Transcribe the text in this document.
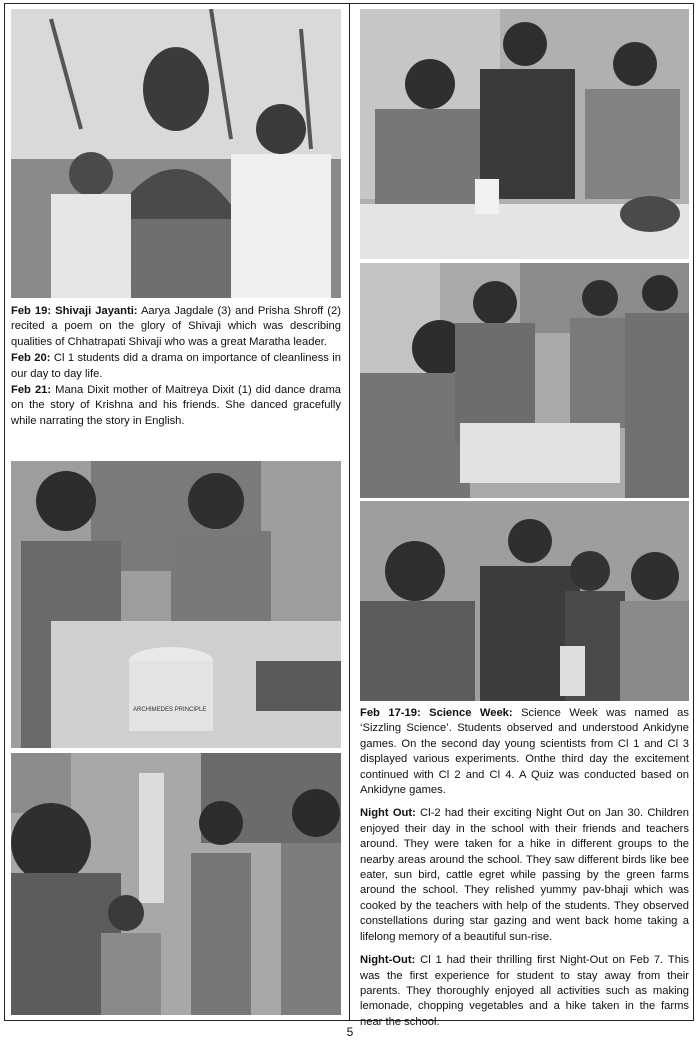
•

Feb 19: Shivaji Jayanti: Aarya Jagdale (3) and Prisha Shroff (2) recited a poem on the glory of Shivaji which was describing qualities of Chhatrapati Shivaji who was a great Maratha leader.

Feb 20: Cl 1 students did a drama on importance of cleanliness in our day to day life.

Feb 21: Mana Dixit mother of Maitreya Dixit (1) did dance drama on the story of Krishna and his friends. She danced gracefully while narrating the story in English.

ARCHIMEDES PRINCIPLE	Feb 17-19: Science Week: Science Week was named as ‘Sizzling Science’. Students observed and understood Ankidyne games. On the second day young scientists from Cl 1 and Cl 3 displayed various experiments. Onthe third day the excitement continued with Cl 2 and Cl 4. A Quiz was conducted based on Ankidyne games.

Night Out: Cl-2 had their exciting Night Out on Jan 30. Children enjoyed their day in the school with their friends and teachers around. They were taken for a hike in different groups to the nearby areas around the school. They saw different birds like bee eater, sun bird, cattle egret while passing by the green farms around the school. They relished yummy pav-bhaji which was cooked by the teachers with help of the students. They observed constellations during star gazing and went back home taking a lifelong memory of a beautiful sun-rise.

Night-Out: Cl 1 had their thrilling first Night-Out on Feb 7. This was the first experience for student to stay away from their parents. They thoroughly enjoyed all activities such as making lemonade, chopping vegetables and a hike taken in the farms near the school.

5
